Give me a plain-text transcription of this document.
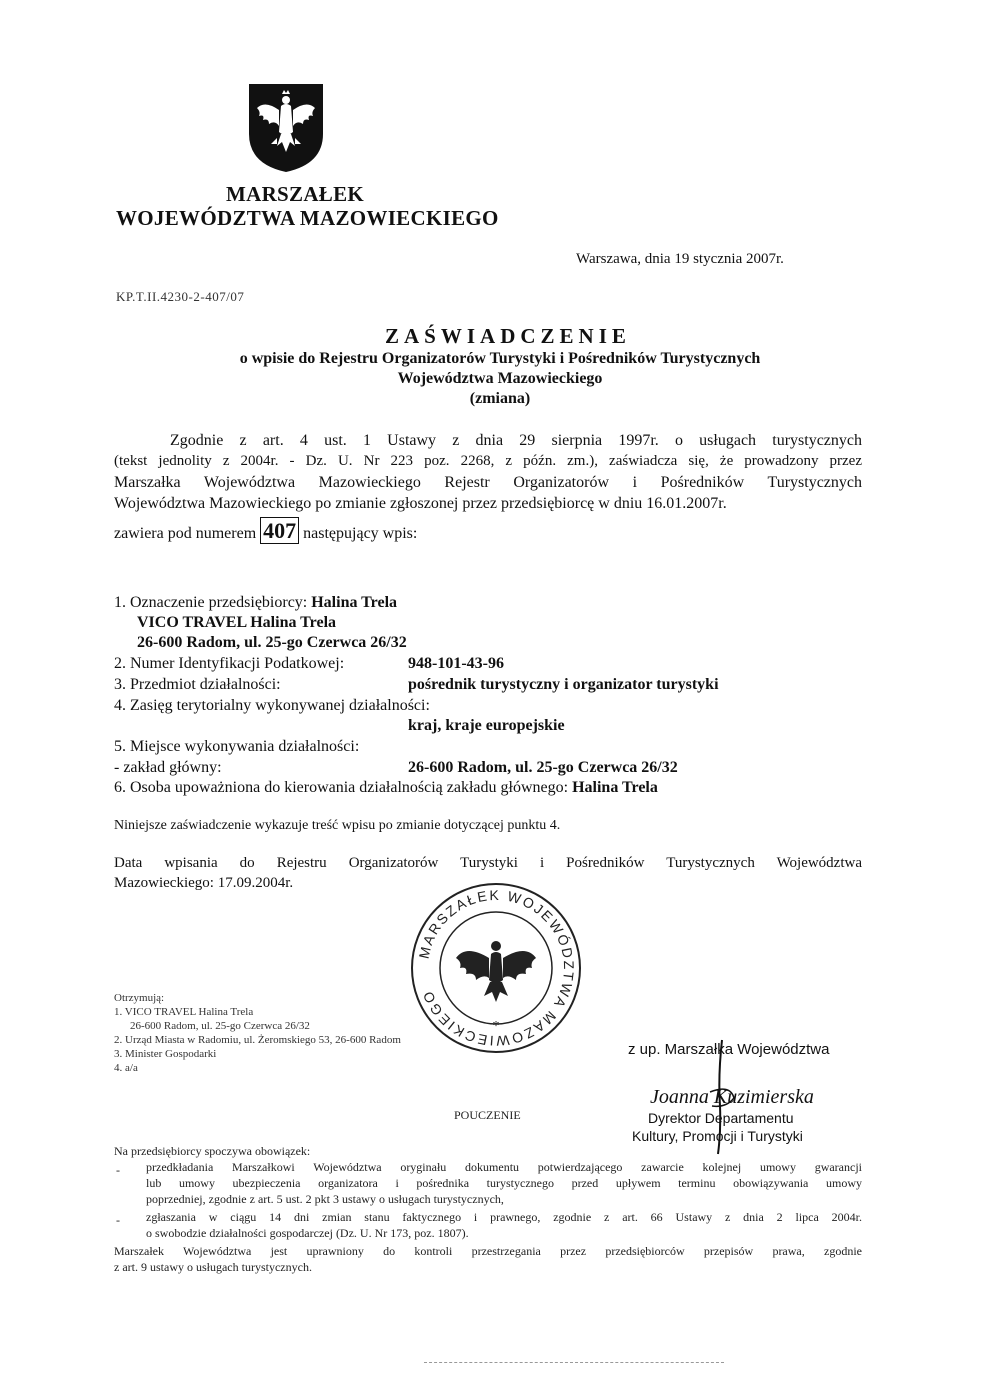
MARSZAŁEK

WOJEWÓDZTWA MAZOWIECKIEGO

Warszawa, dnia 19 stycznia 2007r.

KP.T.II.4230-2-407/07

ZAŚWIADCZENIE

o wpisie do Rejestru Organizatorów Turystyki i Pośredników Turystycznych

Województwa Mazowieckiego

(zmiana)

Zgodnie z art. 4 ust. 1 Ustawy z dnia 29 sierpnia 1997r. o usługach turystycznych

(tekst jednolity z 2004r. - Dz. U. Nr 223 poz. 2268, z późn. zm.), zaświadcza się, że prowadzony przez

Marszałka Województwa Mazowieckiego Rejestr Organizatorów i Pośredników Turystycznych

Województwa Mazowieckiego po zmianie zgłoszonej przez przedsiębiorcę w dniu 16.01.2007r.

zawiera pod numerem 407 następujący wpis:

1. Oznaczenie przedsiębiorcy: Halina Trela

VICO TRAVEL Halina Trela

26-600 Radom, ul. 25-go Czerwca 26/32

2. Numer Identyfikacji Podatkowej:	948-101-43-96

3. Przedmiot działalności:	pośrednik turystyczny i organizator turystyki

4. Zasięg terytorialny wykonywanej działalności:

kraj, kraje europejskie

5. Miejsce wykonywania działalności:

- zakład główny:	26-600 Radom, ul. 25-go Czerwca 26/32

6. Osoba upoważniona do kierowania działalnością zakładu głównego: Halina Trela

Niniejsze zaświadczenie wykazuje treść wpisu po zmianie dotyczącej punktu 4.

Data wpisania do Rejestru Organizatorów Turystyki i Pośredników Turystycznych Województwa

Mazowieckiego: 17.09.2004r.

MARSZAŁEK WOJEWÓDZTWA MAZOWIECKIEGO
*

Otrzymują:

1. VICO TRAVEL Halina Trela

26-600 Radom, ul. 25-go Czerwca 26/32

2. Urząd Miasta w Radomiu, ul. Żeromskiego 53, 26-600 Radom

3. Minister Gospodarki

4. a/a

z up. Marszałka Województwa

Joanna Kuzimierska

Dyrektor Departamentu

Kultury, Promocji i Turystyki

POUCZENIE

Na przedsiębiorcy spoczywa obowiązek:

- przedkładania Marszałkowi Województwa oryginału dokumentu potwierdzającego zawarcie kolejnej umowy gwarancji

lub umowy ubezpieczenia organizatora i pośrednika turystycznego przed upływem terminu obowiązywania umowy

poprzedniej, zgodnie z art. 5 ust. 2 pkt 3 ustawy o usługach turystycznych,

- zgłaszania w ciągu 14 dni zmian stanu faktycznego i prawnego, zgodnie z art. 66 Ustawy z dnia 2 lipca 2004r.

o swobodzie działalności gospodarczej (Dz. U. Nr 173, poz. 1807).

Marszałek Województwa jest uprawniony do kontroli przestrzegania przez przedsiębiorców przepisów prawa, zgodnie

z art. 9 ustawy o usługach turystycznych.
